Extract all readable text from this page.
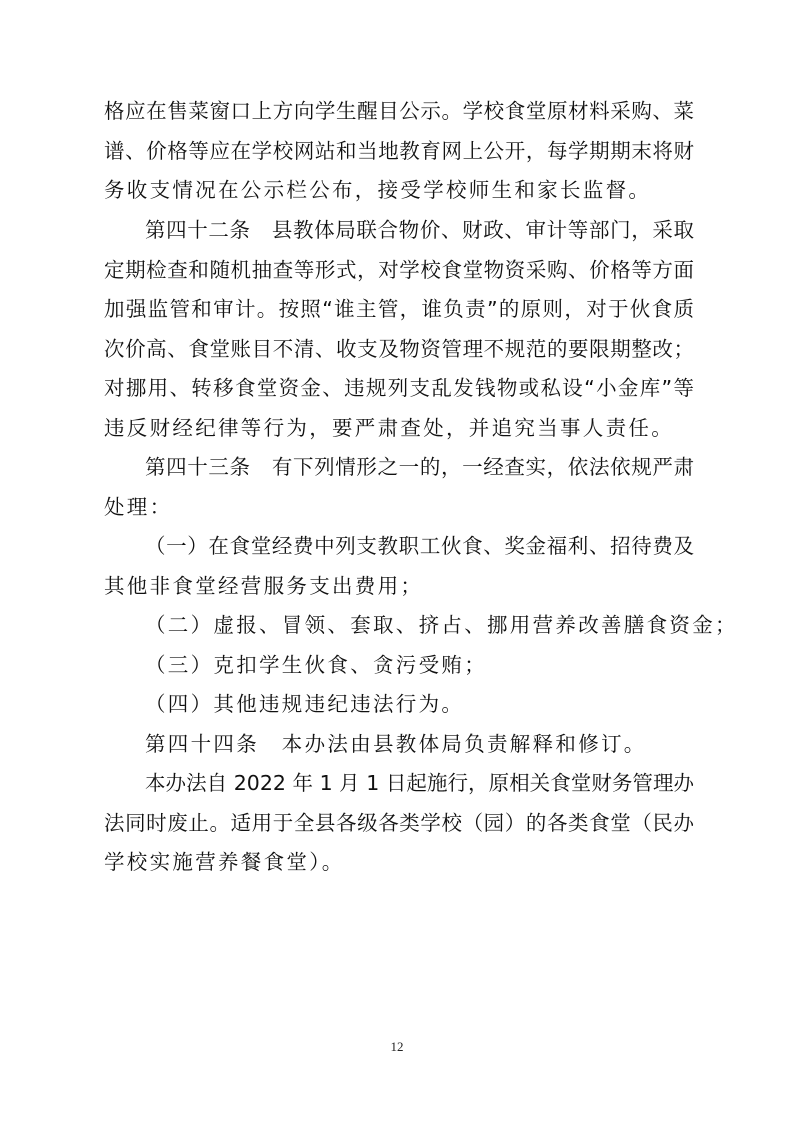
格应在售菜窗口上方向学生醒目公示。学校食堂原材料采购、菜
谱、价格等应在学校网站和当地教育网上公开，每学期期末将财
务收支情况在公示栏公布，接受学校师生和家长监督。
第四十二条　县教体局联合物价、财政、审计等部门，采取
定期检查和随机抽查等形式，对学校食堂物资采购、价格等方面
加强监管和审计。按照“谁主管，谁负责”的原则，对于伙食质
次价高、食堂账目不清、收支及物资管理不规范的要限期整改；
对挪用、转移食堂资金、违规列支乱发钱物或私设“小金库”等
违反财经纪律等行为，要严肃查处，并追究当事人责任。
第四十三条　有下列情形之一的，一经查实，依法依规严肃
处理：
（一）在食堂经费中列支教职工伙食、奖金福利、招待费及
其他非食堂经营服务支出费用；
（二）虚报、冒领、套取、挤占、挪用营养改善膳食资金；
（三）克扣学生伙食、贪污受贿；
（四）其他违规违纪违法行为。
第四十四条　本办法由县教体局负责解释和修订。
本办法自 2022 年 1 月 1 日起施行，原相关食堂财务管理办
法同时废止。适用于全县各级各类学校（园）的各类食堂（民办
学校实施营养餐食堂）。
12
